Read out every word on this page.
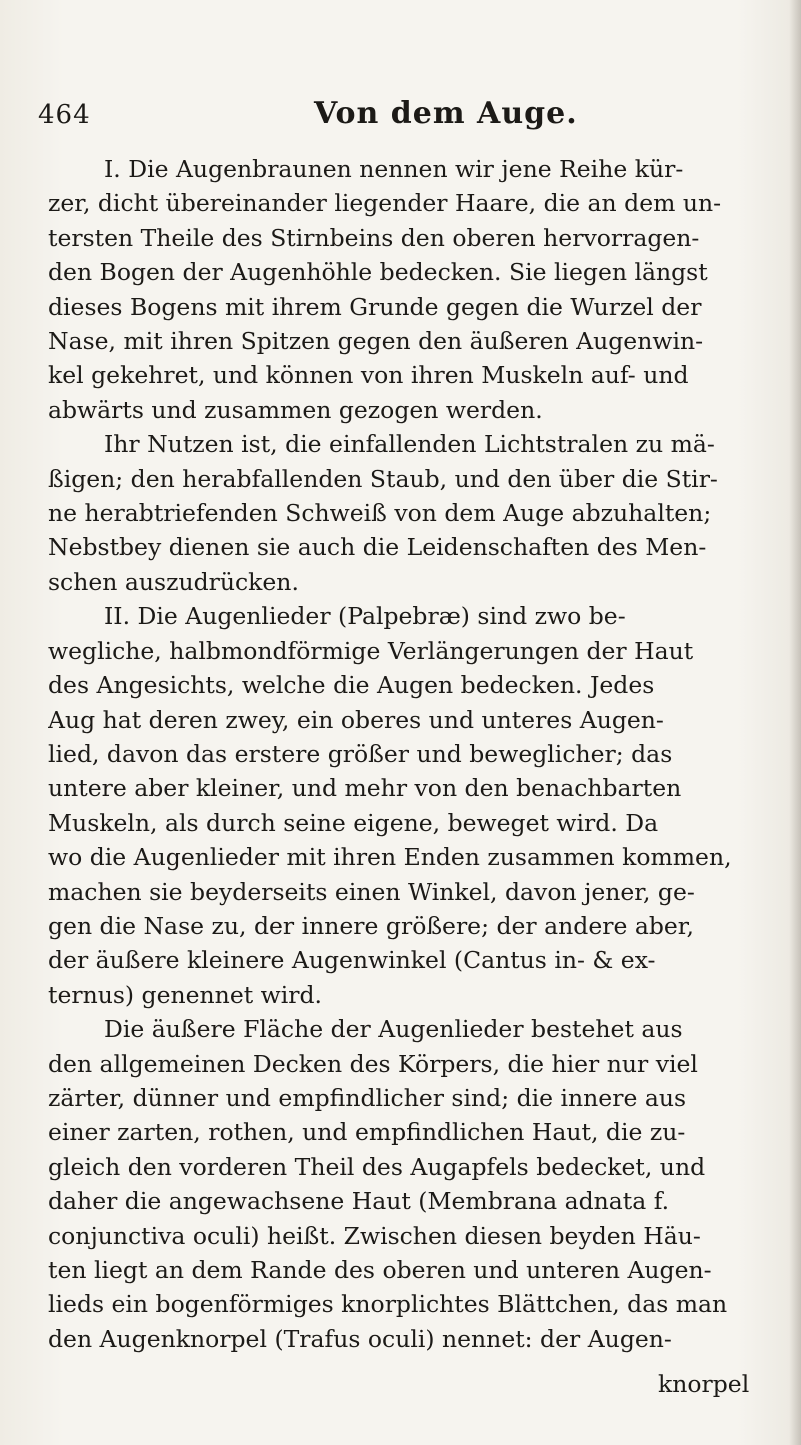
464	Von dem Auge.

I. Die Augenbraunen nennen wir jene Reihe kür-
zer, dicht übereinander liegender Haare, die an dem un-
tersten Theile des Stirnbeins den oberen hervorragen-
den Bogen der Augenhöhle bedecken. Sie liegen längst
dieses Bogens mit ihrem Grunde gegen die Wurzel der
Nase, mit ihren Spitzen gegen den äußeren Augenwin-
kel gekehret, und können von ihren Muskeln auf- und
abwärts und zusammen gezogen werden.

Ihr Nutzen ist, die einfallenden Lichtstralen zu mä-
ßigen; den herabfallenden Staub, und den über die Stir-
ne herabtriefenden Schweiß von dem Auge abzuhalten;
Nebstbey dienen sie auch die Leidenschaften des Men-
schen auszudrücken.

II. Die Augenlieder (Palpebræ) sind zwo be-
wegliche, halbmondförmige Verlängerungen der Haut
des Angesichts, welche die Augen bedecken. Jedes
Aug hat deren zwey, ein oberes und unteres Augen-
lied, davon das erstere größer und beweglicher; das
untere aber kleiner, und mehr von den benachbarten
Muskeln, als durch seine eigene, beweget wird. Da
wo die Augenlieder mit ihren Enden zusammen kommen,
machen sie beyderseits einen Winkel, davon jener, ge-
gen die Nase zu, der innere größere; der andere aber,
der äußere kleinere Augenwinkel (Cantus in- & ex-
ternus) genennet wird.

Die äußere Fläche der Augenlieder bestehet aus
den allgemeinen Decken des Körpers, die hier nur viel
zärter, dünner und empfindlicher sind; die innere aus
einer zarten, rothen, und empfindlichen Haut, die zu-
gleich den vorderen Theil des Augapfels bedecket, und
daher die angewachsene Haut (Membrana adnata f.
conjunctiva oculi) heißt. Zwischen diesen beyden Häu-
ten liegt an dem Rande des oberen und unteren Augen-
lieds ein bogenförmiges knorplichtes Blättchen, das man
den Augenknorpel (Trafus oculi) nennet: der Augen-

knorpel
